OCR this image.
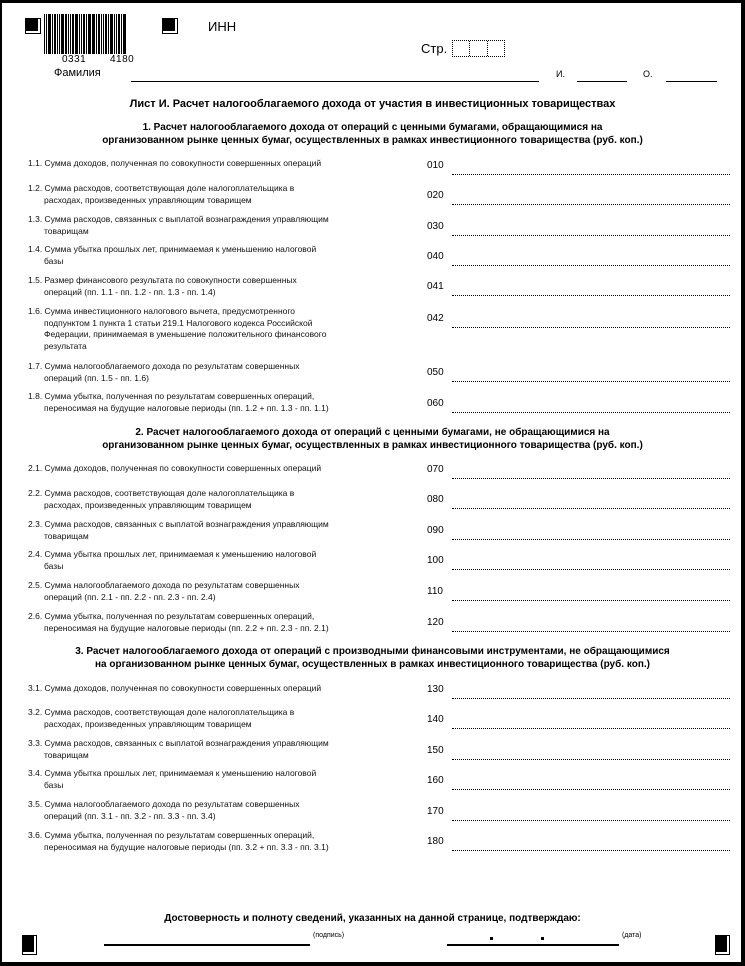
0331 4180
ИНН
Стр.
Фамилия	И.	О.
Лист И. Расчет налогооблагаемого дохода от участия в инвестиционных товариществах
1. Расчет налогооблагаемого дохода от операций с ценными бумагами, обращающимися на
организованном рынке ценных бумаг, осуществленных в рамках инвестиционного товарищества (руб. коп.)
1.1. Сумма доходов, полученная по совокупности совершенных операций	010
1.2. Сумма расходов, соответствующая доле налогоплательщика в
расходах, произведенных управляющим товарищем	020
1.3. Сумма расходов, связанных с выплатой вознаграждения управляющим
товарищам	030
1.4. Сумма убытка прошлых лет, принимаемая к уменьшению налоговой
базы	040
1.5. Размер финансового результата по совокупности совершенных
операций (пп. 1.1 - пп. 1.2 - пп. 1.3 - пп. 1.4)	041
1.6. Сумма инвестиционного налогового вычета, предусмотренного
подпунктом 1 пункта 1 статьи 219.1 Налогового кодекса Российской
Федерации, принимаемая в уменьшение положительного финансового
результата
042
1.7. Сумма налогооблагаемого дохода по результатам совершенных
операций (пп. 1.5 - пп. 1.6)	050
1.8. Сумма убытка, полученная по результатам совершенных операций,
переносимая на будущие налоговые периоды (пп. 1.2 + пп. 1.3 - пп. 1.1)	060
2. Расчет налогооблагаемого дохода от операций с ценными бумагами, не обращающимися на
организованном рынке ценных бумаг, осуществленных в рамках инвестиционного товарищества (руб. коп.)
2.1. Сумма доходов, полученная по совокупности совершенных операций	070
2.2. Сумма расходов, соответствующая доле налогоплательщика в
расходах, произведенных управляющим товарищем	080
2.3. Сумма расходов, связанных с выплатой вознаграждения управляющим
товарищам	090
2.4. Сумма убытка прошлых лет, принимаемая к уменьшению налоговой
базы	100
2.5. Сумма налогооблагаемого дохода по результатам совершенных
операций (пп. 2.1 - пп. 2.2 - пп. 2.3 - пп. 2.4)	110
2.6. Сумма убытка, полученная по результатам совершенных операций,
переносимая на будущие налоговые периоды (пп. 2.2 + пп. 2.3 - пп. 2.1)	120
3. Расчет налогооблагаемого дохода от операций с производными финансовыми инструментами, не обращающимися
на организованном рынке ценных бумаг, осуществленных в рамках инвестиционного товарищества (руб. коп.)
3.1. Сумма доходов, полученная по совокупности совершенных операций	130
3.2. Сумма расходов, соответствующая доле налогоплательщика в
расходах, произведенных управляющим товарищем	140
3.3. Сумма расходов, связанных с выплатой вознаграждения управляющим
товарищам	150
3.4. Сумма убытка прошлых лет, принимаемая к уменьшению налоговой
базы	160
3.5. Сумма налогооблагаемого дохода по результатам совершенных
операций (пп. 3.1 - пп. 3.2 - пп. 3.3 - пп. 3.4)	170
3.6. Сумма убытка, полученная по результатам совершенных операций,
переносимая на будущие налоговые периоды (пп. 3.2 + пп. 3.3 - пп. 3.1)	180
Достоверность и полноту сведений, указанных на данной странице, подтверждаю:
(подпись)	(дата)
